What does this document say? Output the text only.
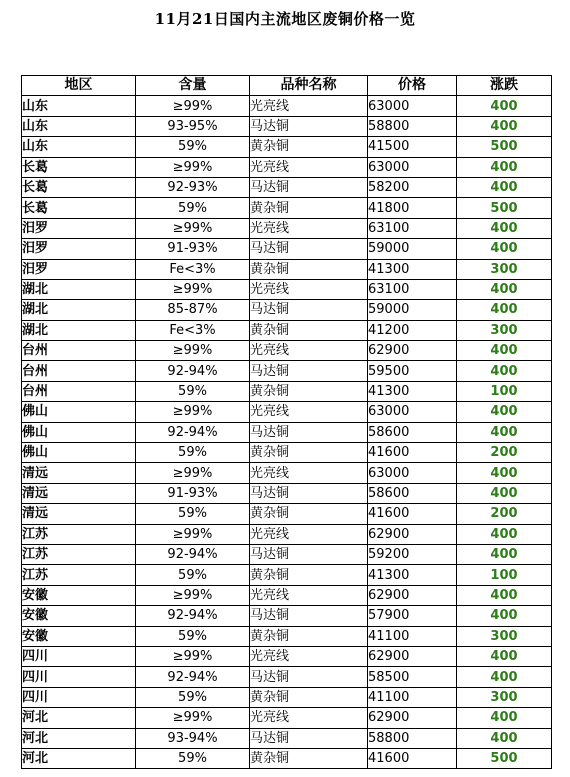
11月21日国内主流地区废铜价格一览
地区	含量	品种名称	价格	涨跌
山东	≥99%	光亮线	63000	400
山东	93-95%	马达铜	58800	400
山东	59%	黄杂铜	41500	500
长葛	≥99%	光亮线	63000	400
长葛	92-93%	马达铜	58200	400
长葛	59%	黄杂铜	41800	500
汨罗	≥99%	光亮线	63100	400
汨罗	91-93%	马达铜	59000	400
汨罗	Fe<3%	黄杂铜	41300	300
湖北	≥99%	光亮线	63100	400
湖北	85-87%	马达铜	59000	400
湖北	Fe<3%	黄杂铜	41200	300
台州	≥99%	光亮线	62900	400
台州	92-94%	马达铜	59500	400
台州	59%	黄杂铜	41300	100
佛山	≥99%	光亮线	63000	400
佛山	92-94%	马达铜	58600	400
佛山	59%	黄杂铜	41600	200
清远	≥99%	光亮线	63000	400
清远	91-93%	马达铜	58600	400
清远	59%	黄杂铜	41600	200
江苏	≥99%	光亮线	62900	400
江苏	92-94%	马达铜	59200	400
江苏	59%	黄杂铜	41300	100
安徽	≥99%	光亮线	62900	400
安徽	92-94%	马达铜	57900	400
安徽	59%	黄杂铜	41100	300
四川	≥99%	光亮线	62900	400
四川	92-94%	马达铜	58500	400
四川	59%	黄杂铜	41100	300
河北	≥99%	光亮线	62900	400
河北	93-94%	马达铜	58800	400
河北	59%	黄杂铜	41600	500
